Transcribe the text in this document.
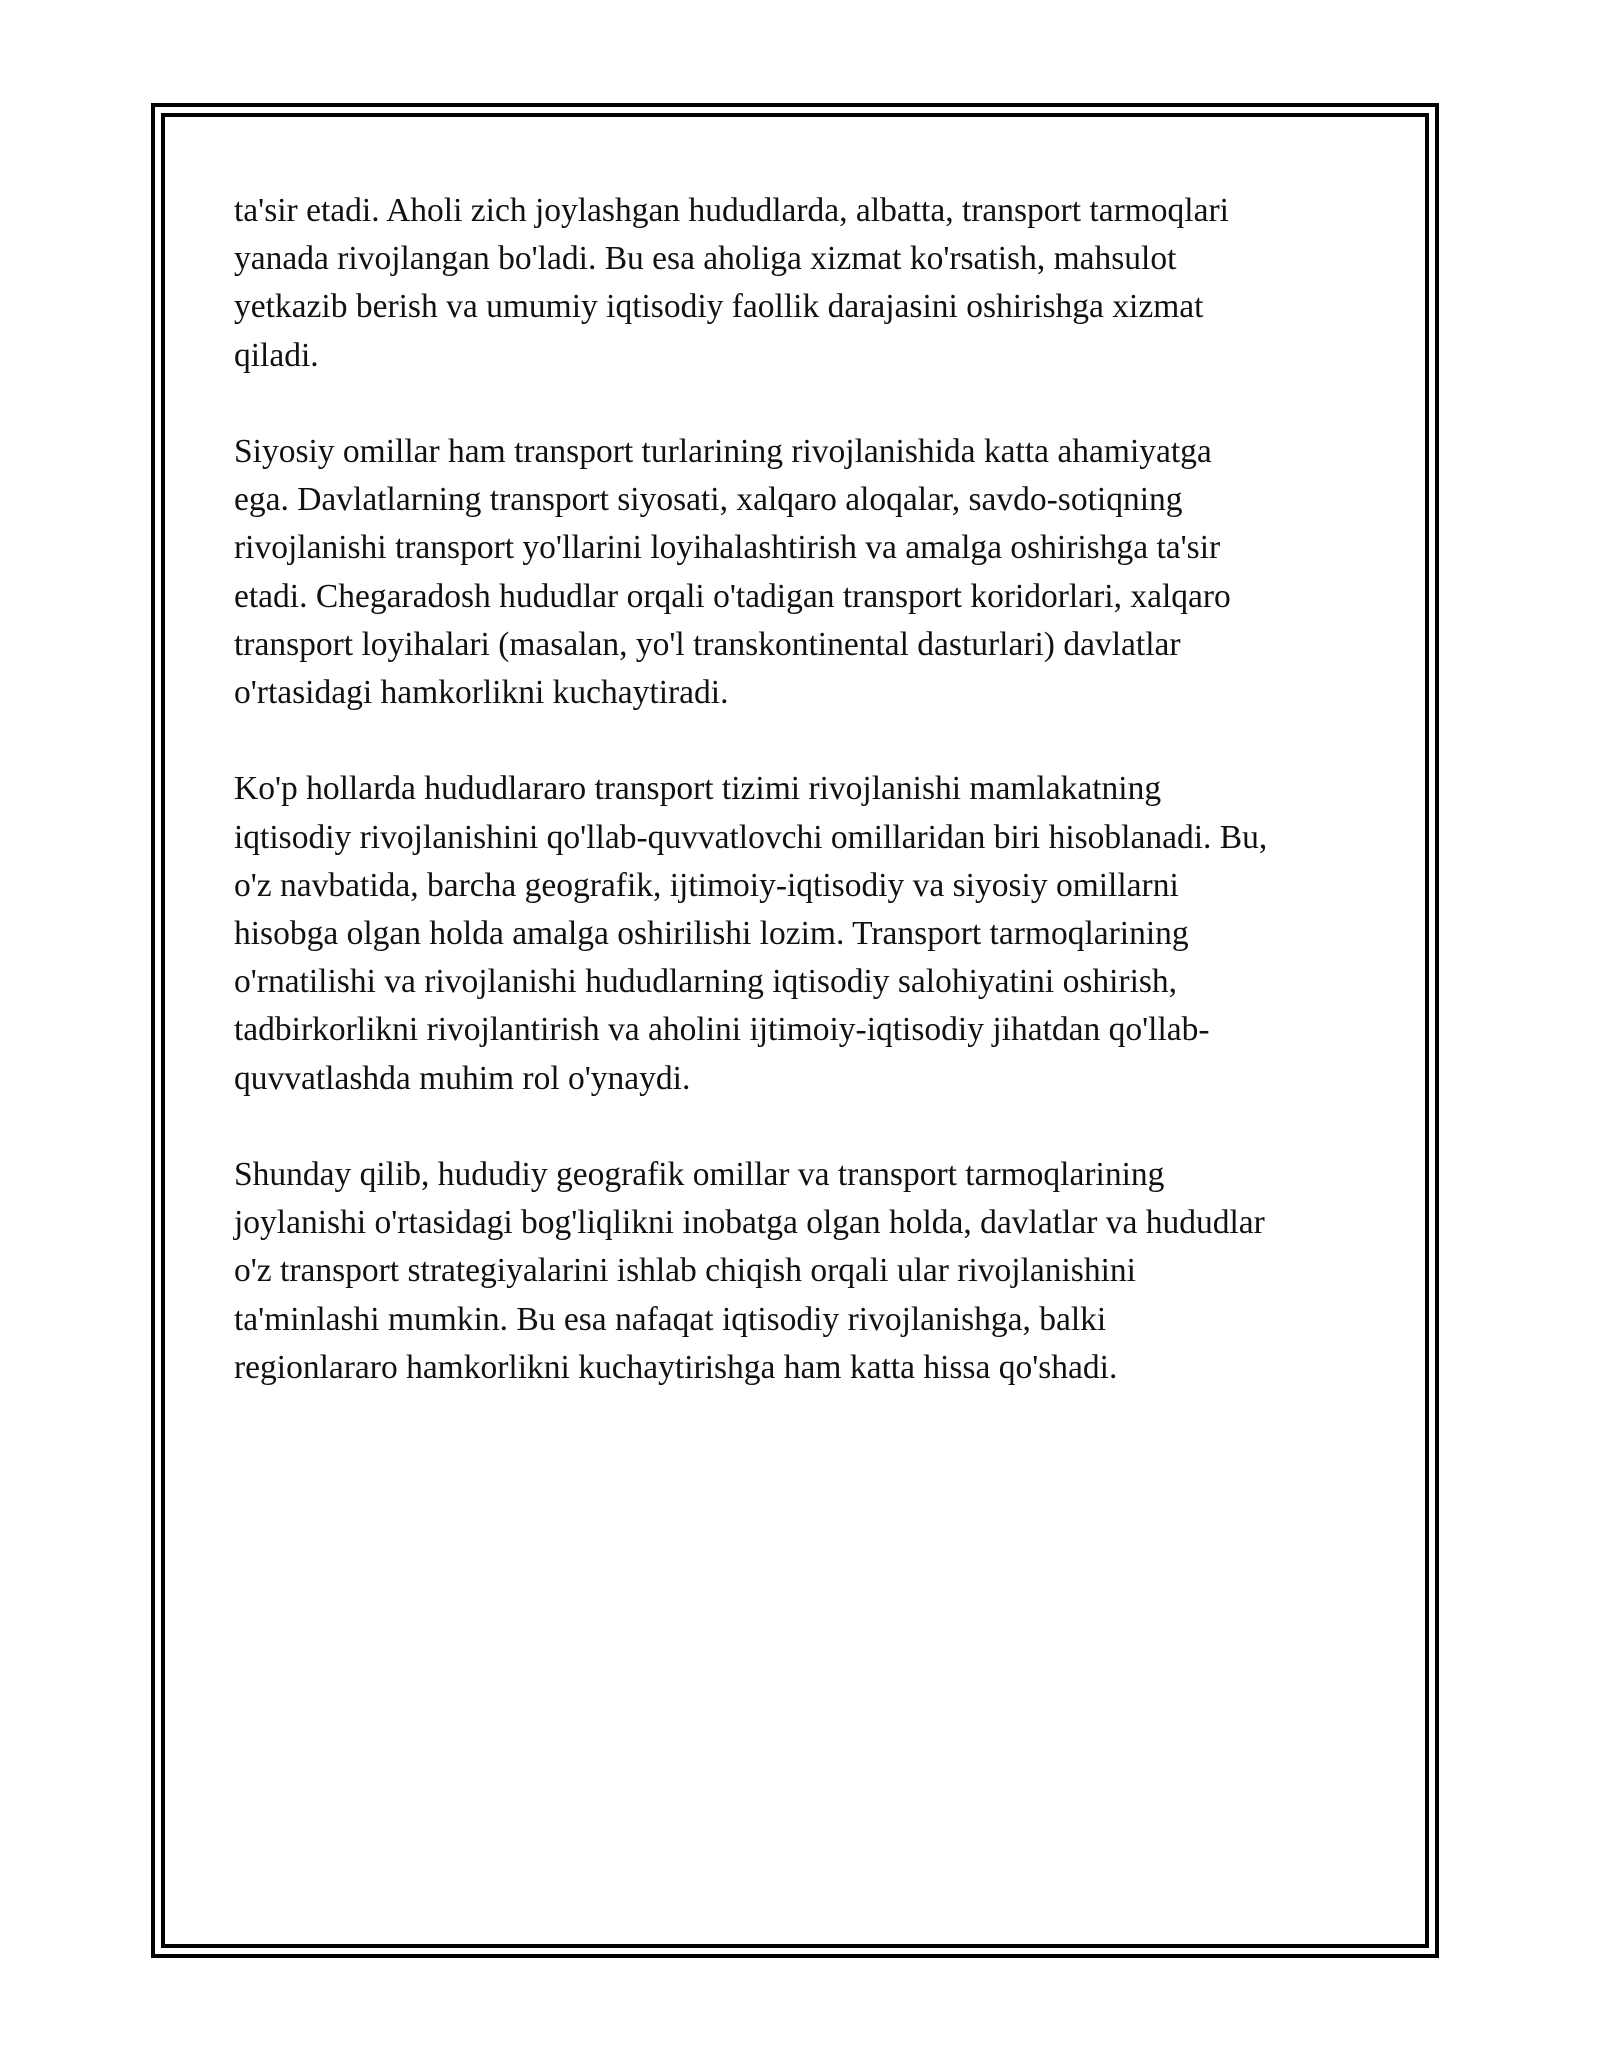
ta'sir etadi. Aholi zich joylashgan hududlarda, albatta, transport tarmoqlari
yanada rivojlangan bo'ladi. Bu esa aholiga xizmat ko'rsatish, mahsulot
yetkazib berish va umumiy iqtisodiy faollik darajasini oshirishga xizmat
qiladi.

Siyosiy omillar ham transport turlarining rivojlanishida katta ahamiyatga
ega. Davlatlarning transport siyosati, xalqaro aloqalar, savdo-sotiqning
rivojlanishi transport yo'llarini loyihalashtirish va amalga oshirishga ta'sir
etadi. Chegaradosh hududlar orqali o'tadigan transport koridorlari, xalqaro
transport loyihalari (masalan, yo'l transkontinental dasturlari) davlatlar
o'rtasidagi hamkorlikni kuchaytiradi.

Ko'p hollarda hududlararo transport tizimi rivojlanishi mamlakatning
iqtisodiy rivojlanishini qo'llab-quvvatlovchi omillaridan biri hisoblanadi. Bu,
o'z navbatida, barcha geografik, ijtimoiy-iqtisodiy va siyosiy omillarni
hisobga olgan holda amalga oshirilishi lozim. Transport tarmoqlarining
o'rnatilishi va rivojlanishi hududlarning iqtisodiy salohiyatini oshirish,
tadbirkorlikni rivojlantirish va aholini ijtimoiy-iqtisodiy jihatdan qo'llab-
quvvatlashda muhim rol o'ynaydi.

Shunday qilib, hududiy geografik omillar va transport tarmoqlarining
joylanishi o'rtasidagi bog'liqlikni inobatga olgan holda, davlatlar va hududlar
o'z transport strategiyalarini ishlab chiqish orqali ular rivojlanishini
ta'minlashi mumkin. Bu esa nafaqat iqtisodiy rivojlanishga, balki
regionlararo hamkorlikni kuchaytirishga ham katta hissa qo'shadi.
